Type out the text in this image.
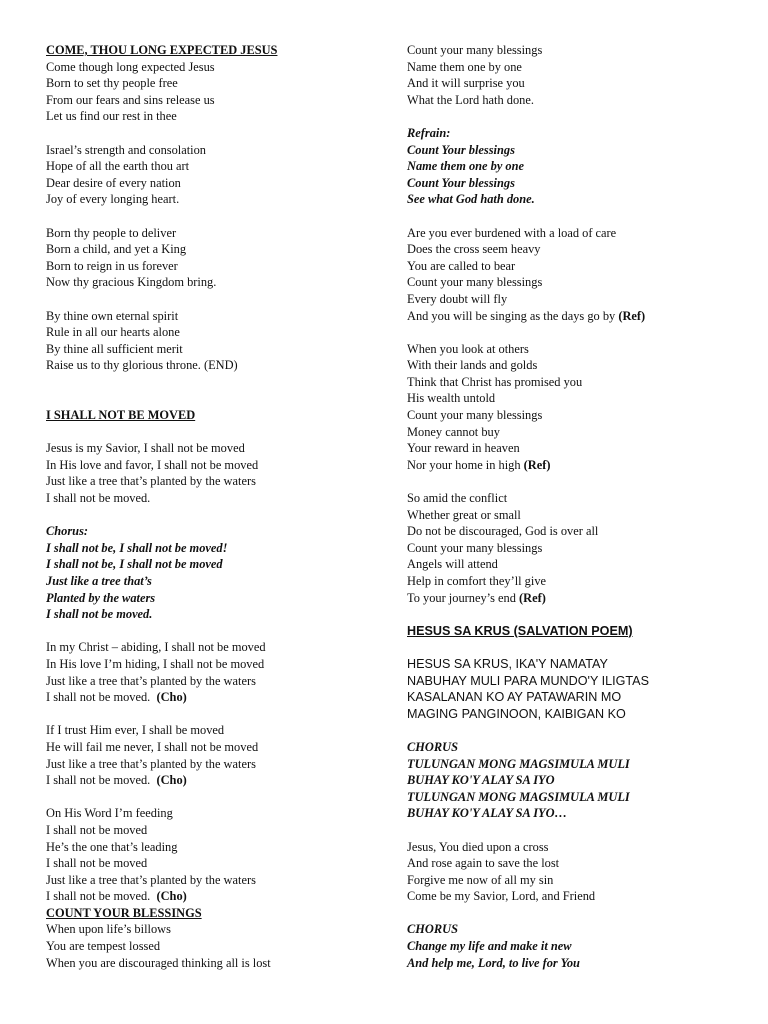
COME, THOU LONG EXPECTED JESUS
Come though long expected Jesus
Born to set thy people free
From our fears and sins release us
Let us find our rest in thee
Israel’s strength and consolation
Hope of all the earth thou art
Dear desire of every nation
Joy of every longing heart.
Born thy people to deliver
Born a child, and yet a King
Born to reign in us forever
Now thy gracious Kingdom bring.
By thine own eternal spirit
Rule in all our hearts alone
By thine all sufficient merit
Raise us to thy glorious throne. (END)
I SHALL NOT BE MOVED
Jesus is my Savior, I shall not be moved
In His love and favor, I shall not be moved
Just like a tree that’s planted by the waters
I shall not be moved.
Chorus:
I shall not be, I shall not be moved!
I shall not be, I shall not be moved
Just like a tree that’s
Planted by the waters
I shall not be moved.
In my Christ – abiding, I shall not be moved
In His love I’m hiding, I shall not be moved
Just like a tree that’s planted by the waters
I shall not be moved. (Cho)
If I trust Him ever, I shall be moved
He will fail me never, I shall not be moved
Just like a tree that’s planted by the waters
I shall not be moved. (Cho)
On His Word I’m feeding
I shall not be moved
He’s the one that’s leading
I shall not be moved
Just like a tree that’s planted by the waters
I shall not be moved. (Cho)
COUNT YOUR BLESSINGS
When upon life’s billows
You are tempest lossed
When you are discouraged thinking all is lost
Count your many blessings
Name them one by one
And it will surprise you
What the Lord hath done.
Refrain:
Count Your blessings
Name them one by one
Count Your blessings
See what God hath done.
Are you ever burdened with a load of care
Does the cross seem heavy
You are called to bear
Count your many blessings
Every doubt will fly
And you will be singing as the days go by (Ref)
When you look at others
With their lands and golds
Think that Christ has promised you
His wealth untold
Count your many blessings
Money cannot buy
Your reward in heaven
Nor your home in high (Ref)
So amid the conflict
Whether great or small
Do not be discouraged, God is over all
Count your many blessings
Angels will attend
Help in comfort they’ll give
To your journey’s end (Ref)
HESUS SA KRUS (SALVATION POEM)
HESUS SA KRUS, IKA'Y NAMATAY
NABUHAY MULI PARA MUNDO'Y ILIGTAS
KASALANAN KO AY PATAWARIN MO
MAGING PANGINOON, KAIBIGAN KO
CHORUS
TULUNGAN MONG MAGSIMULA MULI
BUHAY KO'Y ALAY SA IYO
TULUNGAN MONG MAGSIMULA MULI
BUHAY KO'Y ALAY SA IYO…
Jesus, You died upon a cross
And rose again to save the lost
Forgive me now of all my sin
Come be my Savior, Lord, and Friend
CHORUS
Change my life and make it new
And help me, Lord, to live for You
